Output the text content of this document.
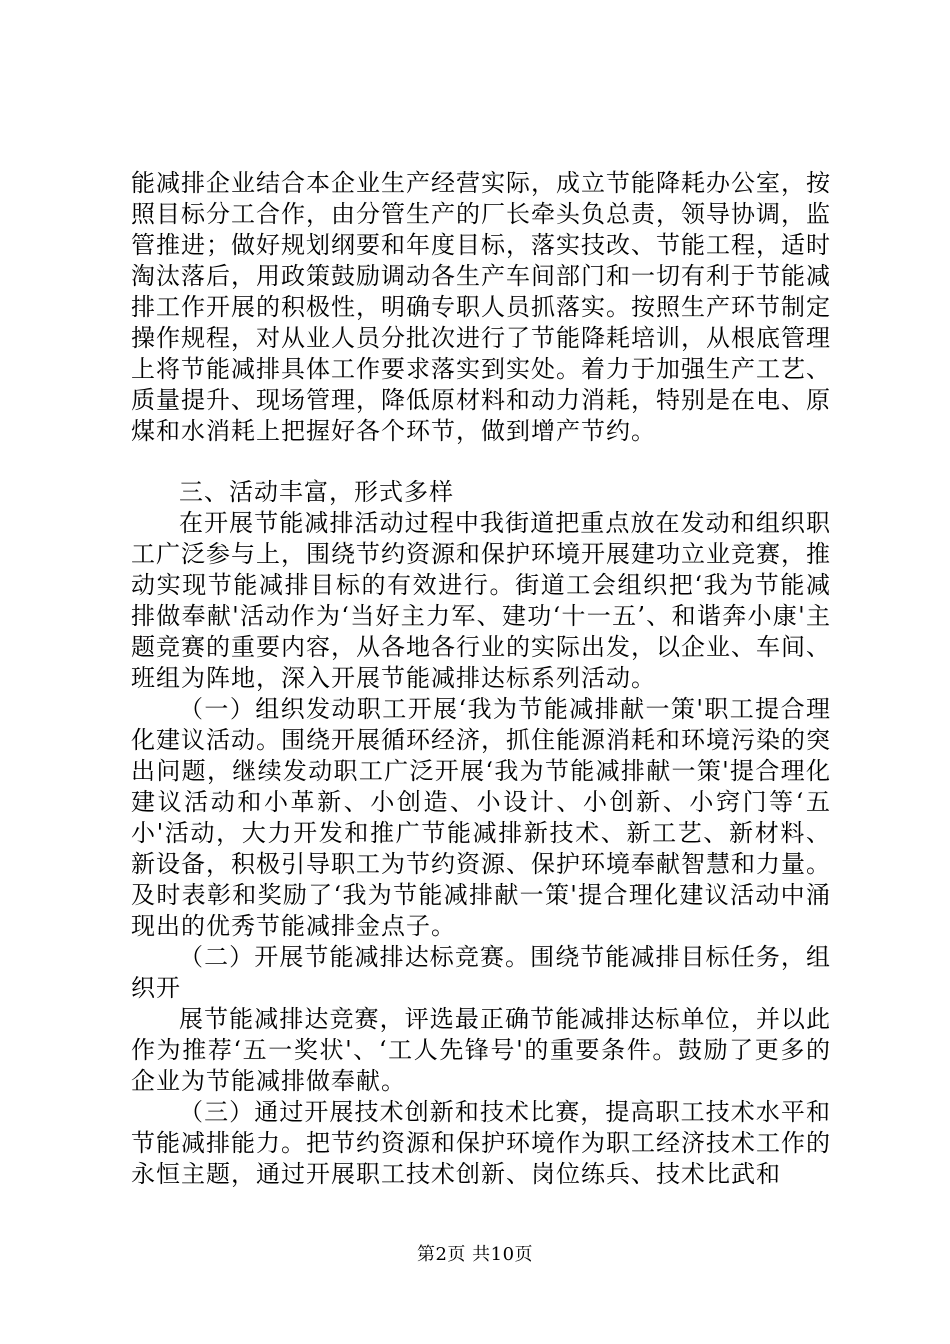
能减排企业结合本企业生产经营实际，成立节能降耗办公室，按照目标分工合作，由分管生产的厂长牵头负总责，领导协调，监管推进；做好规划纲要和年度目标，落实技改、节能工程，适时淘汰落后，用政策鼓励调动各生产车间部门和一切有利于节能减排工作开展的积极性，明确专职人员抓落实。按照生产环节制定操作规程，对从业人员分批次进行了节能降耗培训，从根底管理上将节能减排具体工作要求落实到实处。着力于加强生产工艺、质量提升、现场管理，降低原材料和动力消耗，特别是在电、原煤和水消耗上把握好各个环节，做到增产节约。

三、活动丰富，形式多样

在开展节能减排活动过程中我街道把重点放在发动和组织职工广泛参与上，围绕节约资源和保护环境开展建功立业竞赛，推动实现节能减排目标的有效进行。街道工会组织把‘我为节能减排做奉献'活动作为‘当好主力军、建功‘十一五’、和谐奔小康'主题竞赛的重要内容，从各地各行业的实际出发，以企业、车间、班组为阵地，深入开展节能减排达标系列活动。

（一）组织发动职工开展‘我为节能减排献一策'职工提合理化建议活动。围绕开展循环经济，抓住能源消耗和环境污染的突出问题，继续发动职工广泛开展‘我为节能减排献一策'提合理化建议活动和小革新、小创造、小设计、小创新、小窍门等‘五小'活动，大力开发和推广节能减排新技术、新工艺、新材料、新设备，积极引导职工为节约资源、保护环境奉献智慧和力量。及时表彰和奖励了‘我为节能减排献一策'提合理化建议活动中涌现出的优秀节能减排金点子。

（二）开展节能减排达标竞赛。围绕节能减排目标任务，组织开

展节能减排达竞赛，评选最正确节能减排达标单位，并以此作为推荐‘五一奖状'、‘工人先锋号'的重要条件。鼓励了更多的企业为节能减排做奉献。

（三）通过开展技术创新和技术比赛，提高职工技术水平和节能减排能力。把节约资源和保护环境作为职工经济技术工作的永恒主题，通过开展职工技术创新、岗位练兵、技术比武和

第2页 共10页
